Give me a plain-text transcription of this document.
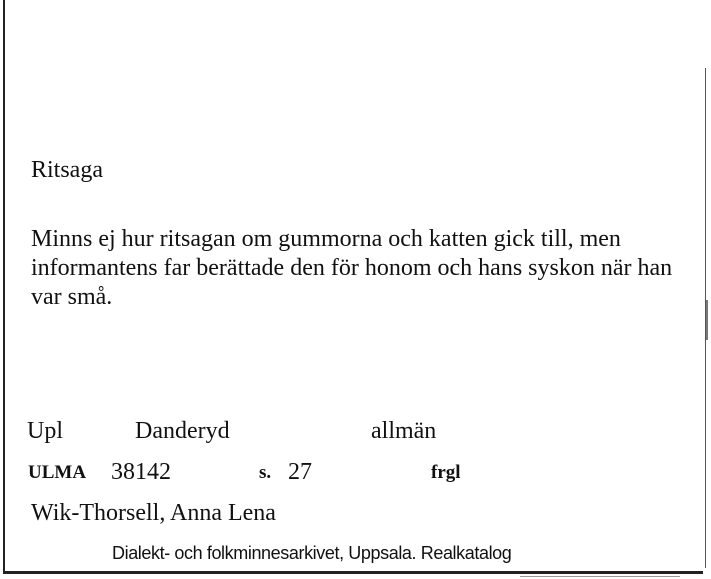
Ritsaga
Minns ej hur ritsagan om gummorna och katten gick till, men informantens far berättade den för honom och hans syskon när han var små.
Upl	Danderyd	allmän
ULMA 38142	s. 27	frgl
Wik-Thorsell, Anna Lena
Dialekt- och folkminnesarkivet, Uppsala. Realkatalog
